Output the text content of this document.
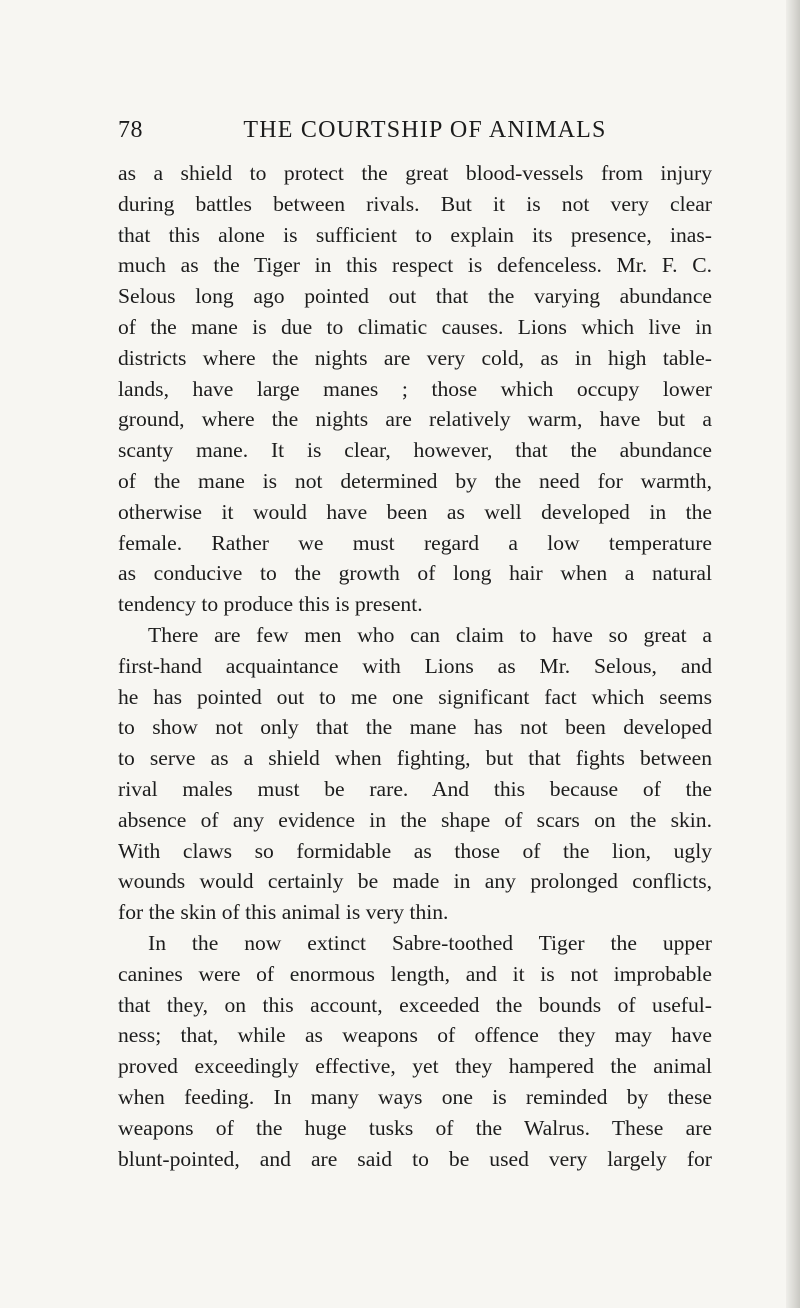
78	THE COURTSHIP OF ANIMALS
as a shield to protect the great blood-vessels from injury
during battles between rivals. But it is not very clear
that this alone is sufficient to explain its presence, inas-
much as the Tiger in this respect is defenceless. Mr. F. C.
Selous long ago pointed out that the varying abundance
of the mane is due to climatic causes. Lions which live in
districts where the nights are very cold, as in high table-
lands, have large manes ; those which occupy lower
ground, where the nights are relatively warm, have but a
scanty mane. It is clear, however, that the abundance
of the mane is not determined by the need for warmth,
otherwise it would have been as well developed in the
female. Rather we must regard a low temperature
as conducive to the growth of long hair when a natural
tendency to produce this is present.
There are few men who can claim to have so great a
first-hand acquaintance with Lions as Mr. Selous, and
he has pointed out to me one significant fact which seems
to show not only that the mane has not been developed
to serve as a shield when fighting, but that fights between
rival males must be rare. And this because of the
absence of any evidence in the shape of scars on the skin.
With claws so formidable as those of the lion, ugly
wounds would certainly be made in any prolonged conflicts,
for the skin of this animal is very thin.
In the now extinct Sabre-toothed Tiger the upper
canines were of enormous length, and it is not improbable
that they, on this account, exceeded the bounds of useful-
ness; that, while as weapons of offence they may have
proved exceedingly effective, yet they hampered the animal
when feeding. In many ways one is reminded by these
weapons of the huge tusks of the Walrus. These are
blunt-pointed, and are said to be used very largely for
